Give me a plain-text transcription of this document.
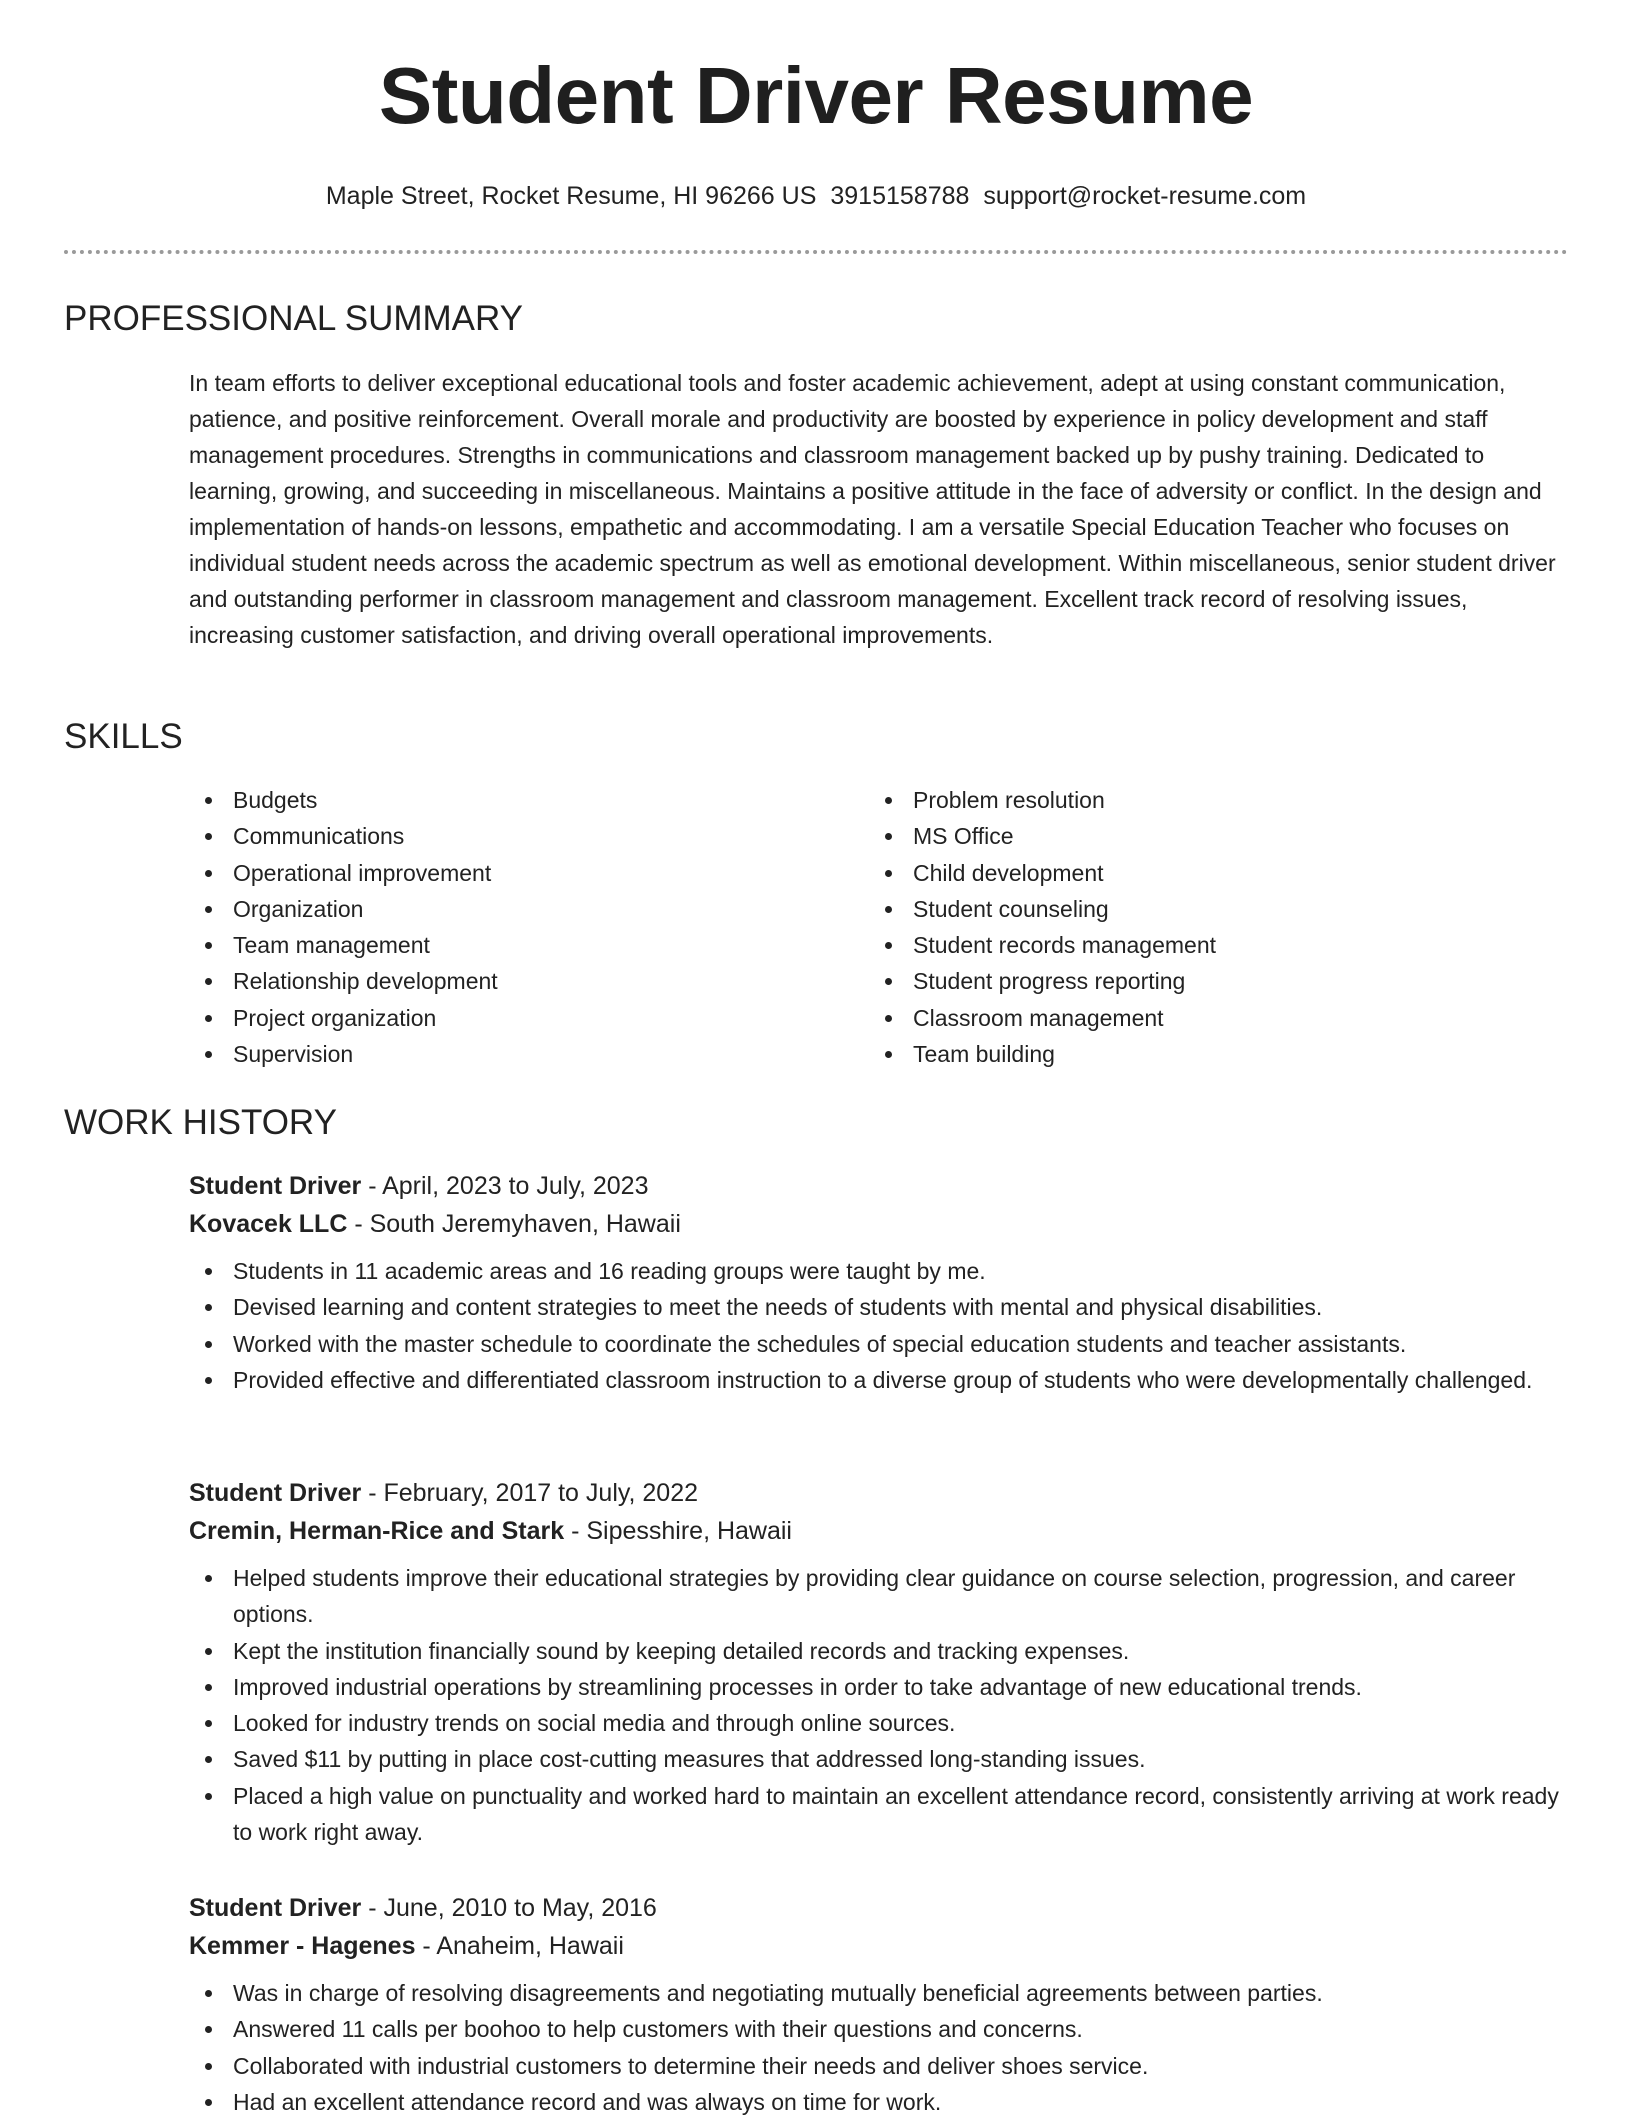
Student Driver Resume
Maple Street, Rocket Resume, HI 96266 US 3915158788 support@rocket-resume.com
PROFESSIONAL SUMMARY
In team efforts to deliver exceptional educational tools and foster academic achievement, adept at using constant communication, patience, and positive reinforcement. Overall morale and productivity are boosted by experience in policy development and staff management procedures. Strengths in communications and classroom management backed up by pushy training. Dedicated to learning, growing, and succeeding in miscellaneous. Maintains a positive attitude in the face of adversity or conflict. In the design and implementation of hands-on lessons, empathetic and accommodating. I am a versatile Special Education Teacher who focuses on individual student needs across the academic spectrum as well as emotional development. Within miscellaneous, senior student driver and outstanding performer in classroom management and classroom management. Excellent track record of resolving issues, increasing customer satisfaction, and driving overall operational improvements.
SKILLS
Budgets
Communications
Operational improvement
Organization
Team management
Relationship development
Project organization
Supervision
Problem resolution
MS Office
Child development
Student counseling
Student records management
Student progress reporting
Classroom management
Team building
WORK HISTORY
Student Driver - April, 2023 to July, 2023
Kovacek LLC - South Jeremyhaven, Hawaii
Students in 11 academic areas and 16 reading groups were taught by me.
Devised learning and content strategies to meet the needs of students with mental and physical disabilities.
Worked with the master schedule to coordinate the schedules of special education students and teacher assistants.
Provided effective and differentiated classroom instruction to a diverse group of students who were developmentally challenged.
Student Driver - February, 2017 to July, 2022
Cremin, Herman-Rice and Stark - Sipesshire, Hawaii
Helped students improve their educational strategies by providing clear guidance on course selection, progression, and career options.
Kept the institution financially sound by keeping detailed records and tracking expenses.
Improved industrial operations by streamlining processes in order to take advantage of new educational trends.
Looked for industry trends on social media and through online sources.
Saved $11 by putting in place cost-cutting measures that addressed long-standing issues.
Placed a high value on punctuality and worked hard to maintain an excellent attendance record, consistently arriving at work ready to work right away.
Student Driver - June, 2010 to May, 2016
Kemmer - Hagenes - Anaheim, Hawaii
Was in charge of resolving disagreements and negotiating mutually beneficial agreements between parties.
Answered 11 calls per boohoo to help customers with their questions and concerns.
Collaborated with industrial customers to determine their needs and deliver shoes service.
Had an excellent attendance record and was always on time for work.
